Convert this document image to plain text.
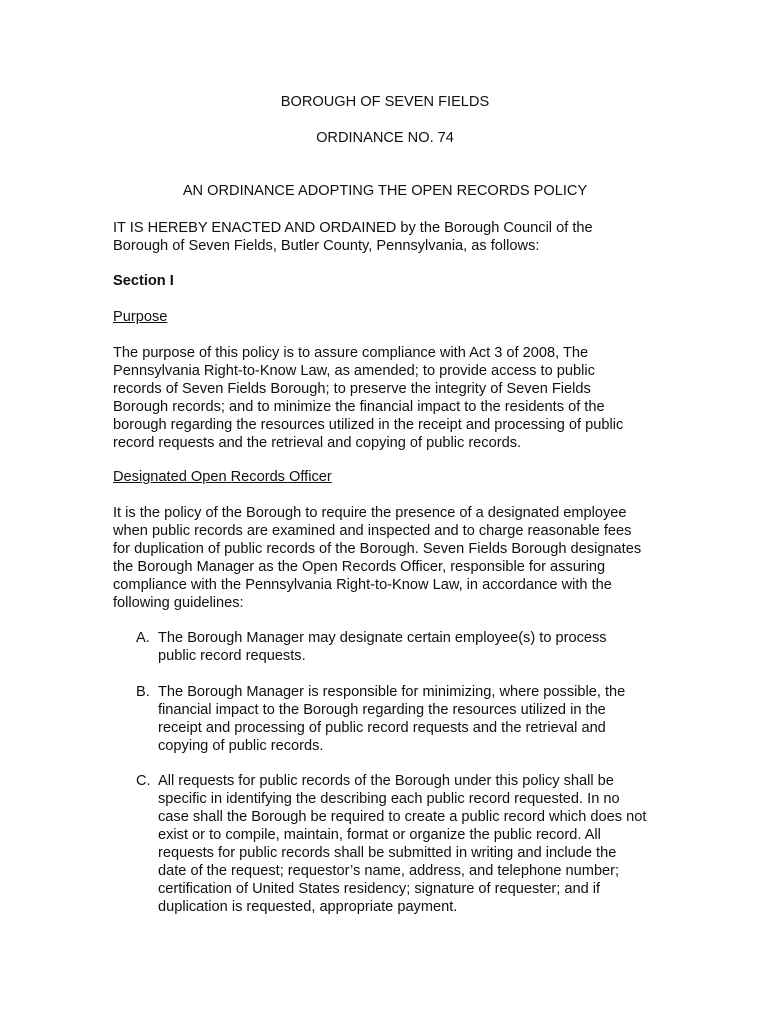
BOROUGH OF SEVEN FIELDS
ORDINANCE NO. 74
AN ORDINANCE ADOPTING THE OPEN RECORDS POLICY
IT IS HEREBY ENACTED AND ORDAINED by the Borough Council of the Borough of Seven Fields, Butler County, Pennsylvania, as follows:
Section I
Purpose
The purpose of this policy is to assure compliance with Act 3 of 2008, The Pennsylvania Right-to-Know Law, as amended; to provide access to public records of Seven Fields Borough; to preserve the integrity of Seven Fields Borough records; and to minimize the financial impact to the residents of the borough regarding the resources utilized in the receipt and processing of public record requests and the retrieval and copying of public records.
Designated Open Records Officer
It is the policy of the Borough to require the presence of a designated employee when public records are examined and inspected and to charge reasonable fees for duplication of public records of the Borough. Seven Fields Borough designates the Borough Manager as the Open Records Officer, responsible for assuring compliance with the Pennsylvania Right-to-Know Law, in accordance with the following guidelines:
A. The Borough Manager may designate certain employee(s) to process public record requests.
B. The Borough Manager is responsible for minimizing, where possible, the financial impact to the Borough regarding the resources utilized in the receipt and processing of public record requests and the retrieval and copying of public records.
C. All requests for public records of the Borough under this policy shall be specific in identifying the describing each public record requested. In no case shall the Borough be required to create a public record which does not exist or to compile, maintain, format or organize the public record. All requests for public records shall be submitted in writing and include the date of the request; requestor’s name, address, and telephone number; certification of United States residency; signature of requester; and if duplication is requested, appropriate payment.
